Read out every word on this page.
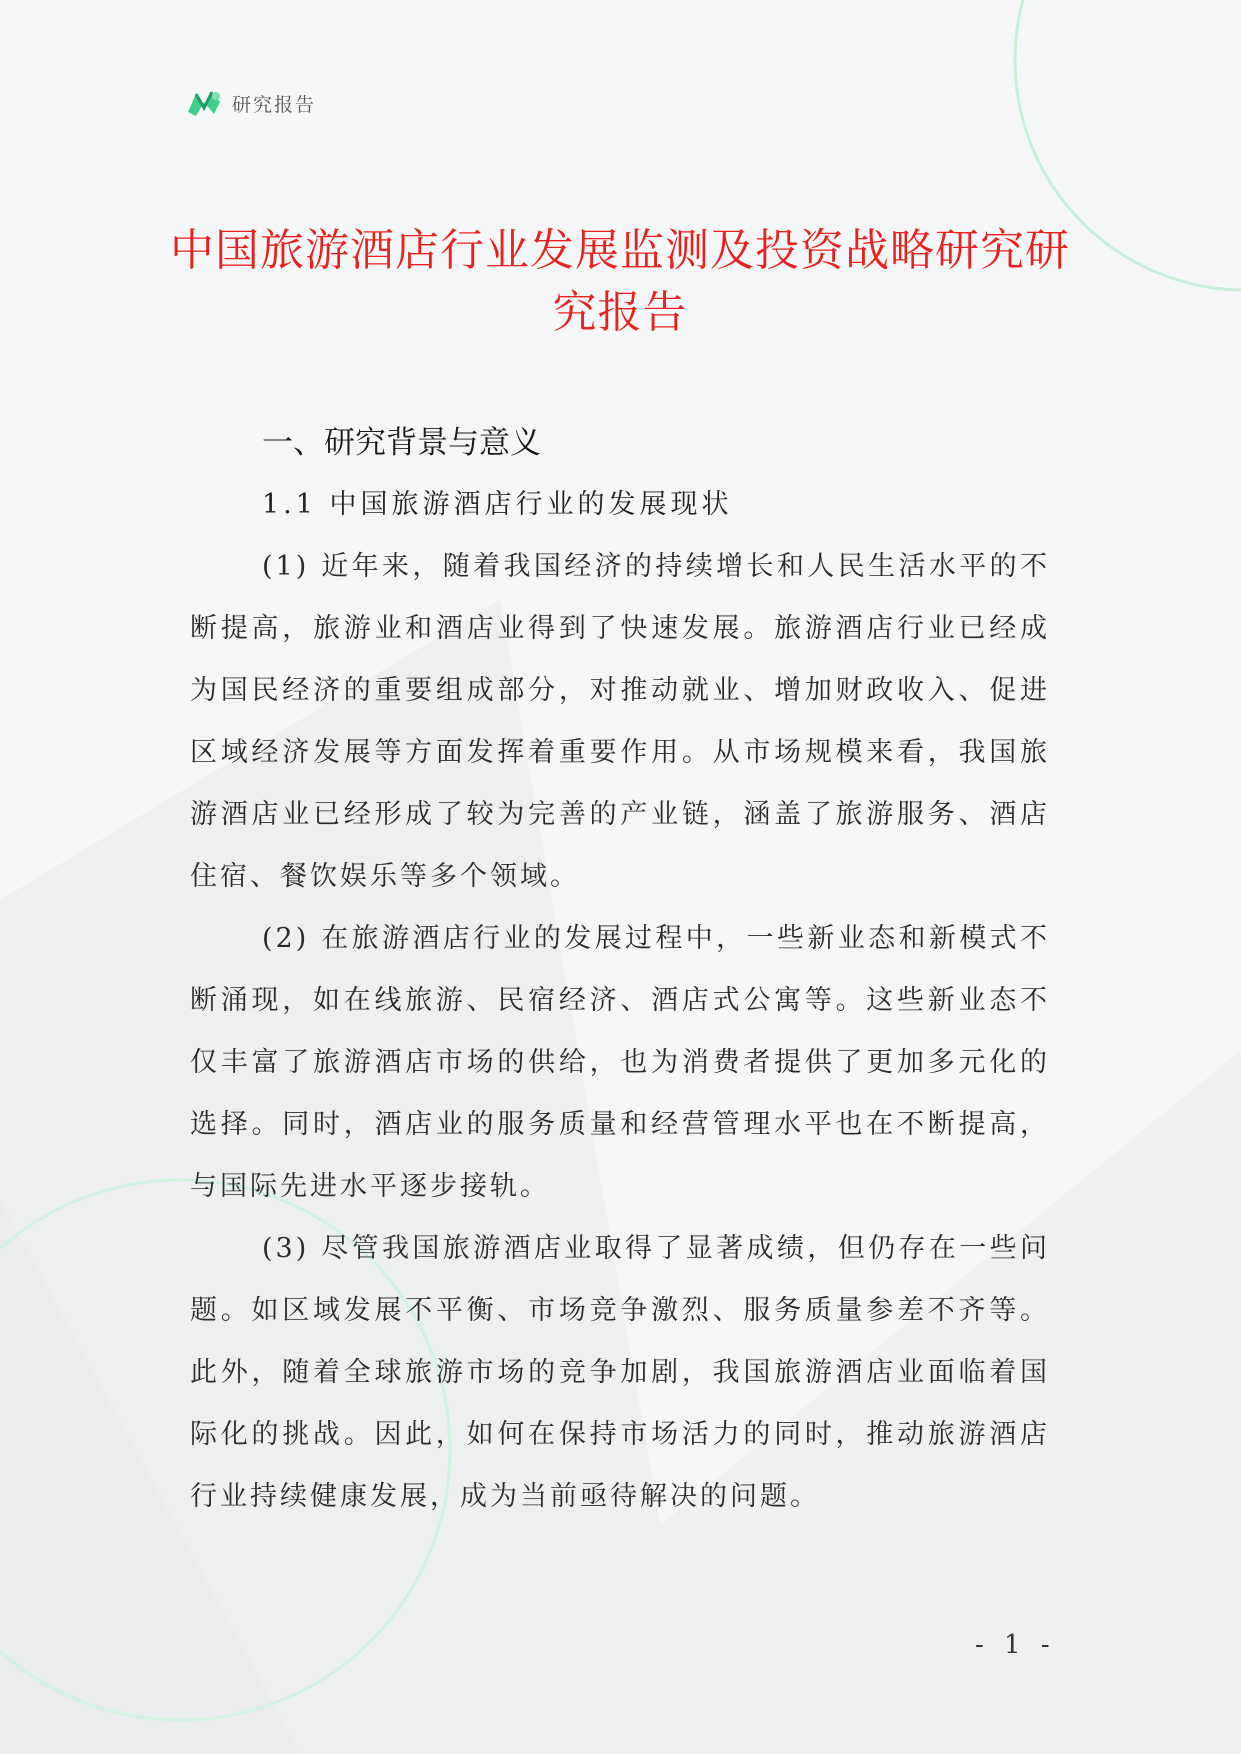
研究报告
中国旅游酒店行业发展监测及投资战略研究研究报告
一、研究背景与意义
1.1 中国旅游酒店行业的发展现状

(1) 近年来，随着我国经济的持续增长和人民生活水平的不断提高，旅游业和酒店业得到了快速发展。旅游酒店行业已经成为国民经济的重要组成部分，对推动就业、增加财政收入、促进区域经济发展等方面发挥着重要作用。从市场规模来看，我国旅游酒店业已经形成了较为完善的产业链，涵盖了旅游服务、酒店住宿、餐饮娱乐等多个领域。

(2) 在旅游酒店行业的发展过程中，一些新业态和新模式不断涌现，如在线旅游、民宿经济、酒店式公寓等。这些新业态不仅丰富了旅游酒店市场的供给，也为消费者提供了更加多元化的选择。同时，酒店业的服务质量和经营管理水平也在不断提高，与国际先进水平逐步接轨。

(3) 尽管我国旅游酒店业取得了显著成绩，但仍存在一些问题。如区域发展不平衡、市场竞争激烈、服务质量参差不齐等。此外，随着全球旅游市场的竞争加剧，我国旅游酒店业面临着国际化的挑战。因此，如何在保持市场活力的同时，推动旅游酒店行业持续健康发展，成为当前亟待解决的问题。

- 1 -
